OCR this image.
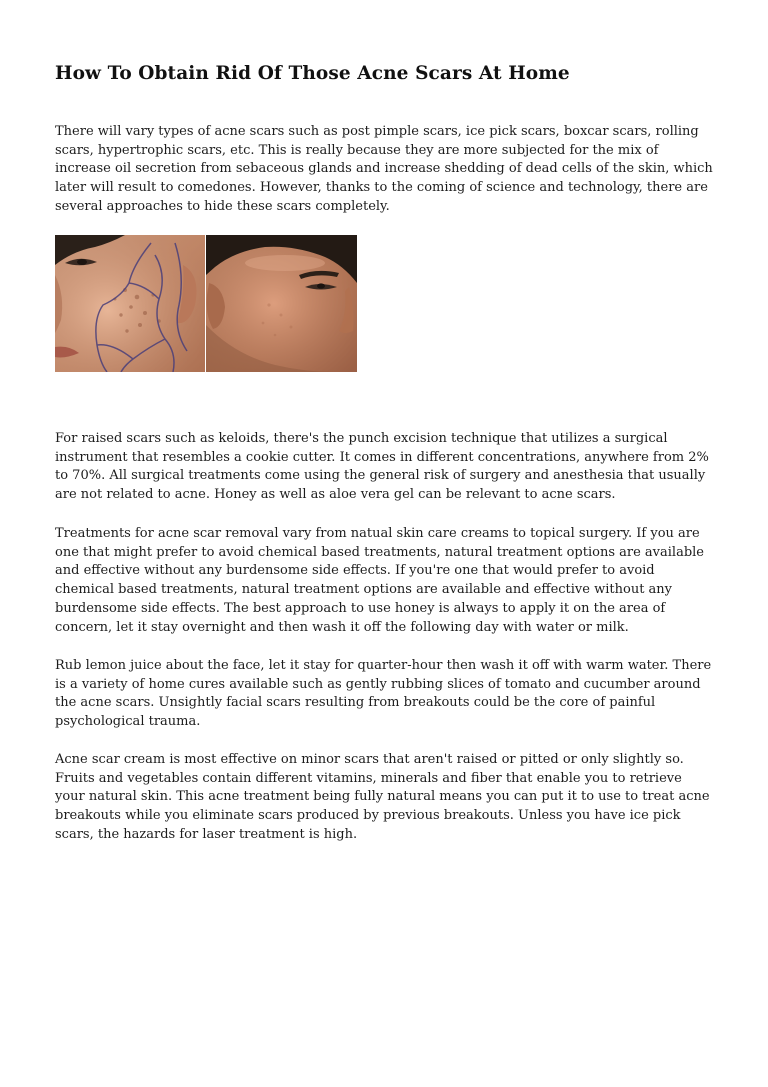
How To Obtain Rid Of Those Acne Scars At Home

There will vary types of acne scars such as post pimple scars, ice pick scars, boxcar scars, rolling scars, hypertrophic scars, etc. This is really because they are more subjected for the mix of increase oil secretion from sebaceous glands and increase shedding of dead cells of the skin, which later will result to comedones. However, thanks to the coming of science and technology, there are several approaches to hide these scars completely.

For raised scars such as keloids, there's the punch excision technique that utilizes a surgical instrument that resembles a cookie cutter. It comes in different concentrations, anywhere from 2% to 70%. All surgical treatments come using the general risk of surgery and anesthesia that usually are not related to acne. Honey as well as aloe vera gel can be relevant to acne scars.

Treatments for acne scar removal vary from natual skin care creams to topical surgery. If you are one that might prefer to avoid chemical based treatments, natural treatment options are available and effective without any burdensome side effects. If you're one that would prefer to avoid chemical based treatments, natural treatment options are available and effective without any burdensome side effects. The best approach to use honey is always to apply it on the area of concern, let it stay overnight and then wash it off the following day with water or milk.

Rub lemon juice about the face, let it stay for quarter-hour then wash it off with warm water. There is a variety of home cures available such as gently rubbing slices of tomato and cucumber around the acne scars. Unsightly facial scars resulting from breakouts could be the core of painful psychological trauma.

Acne scar cream is most effective on minor scars that aren't raised or pitted or only slightly so. Fruits and vegetables contain different vitamins, minerals and fiber that enable you to retrieve your natural skin. This acne treatment being fully natural means you can put it to use to treat acne breakouts while you eliminate scars produced by previous breakouts. Unless you have ice pick scars, the hazards for laser treatment is high.
